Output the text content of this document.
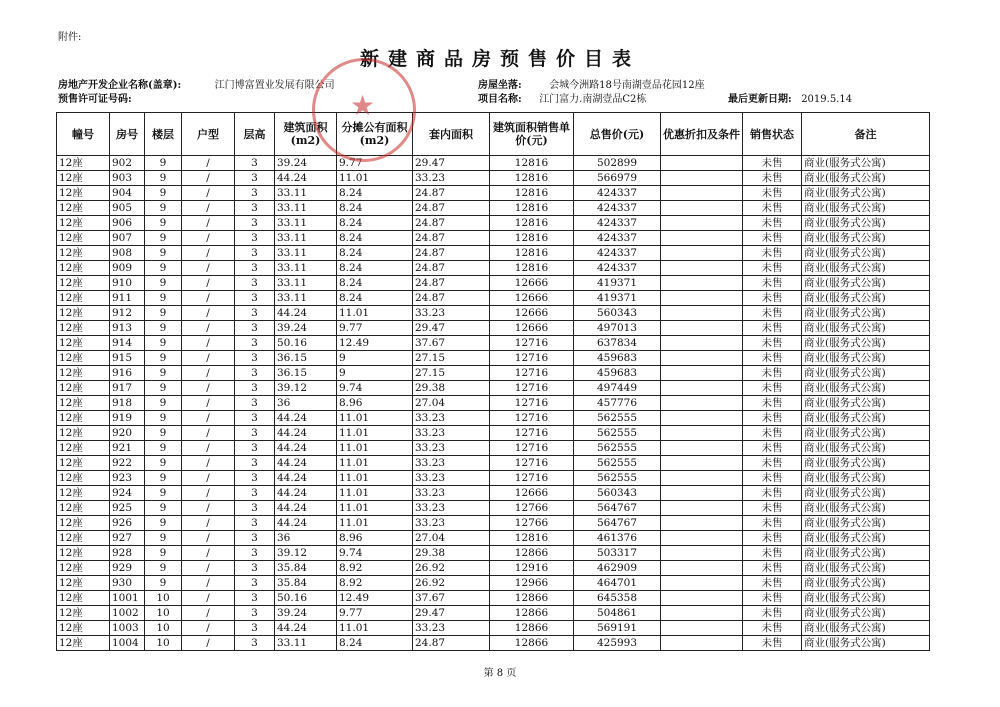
附件:
新建商品房预售价目表
房地产开发企业名称(盖章):	江门博富置业发展有限公司
预售许可证号码:
房屋坐落:	会城今洲路18号南湖壹品花园12座
项目名称: 江门富力.南湖壹品C2栋	最后更新日期: 2019.5.14
幢号	房号	楼层	户型	层高	建筑面积(m2)	分摊公有面积(m2)	套内面积	建筑面积销售单价(元)	总售价(元)	优惠折扣及条件	销售状态	备注
12座	902	9	/	3	39.24	9.77	29.47	12816	502899		未售	商业(服务式公寓)
12座	903	9	/	3	44.24	11.01	33.23	12816	566979		未售	商业(服务式公寓)
12座	904	9	/	3	33.11	8.24	24.87	12816	424337		未售	商业(服务式公寓)
12座	905	9	/	3	33.11	8.24	24.87	12816	424337		未售	商业(服务式公寓)
12座	906	9	/	3	33.11	8.24	24.87	12816	424337		未售	商业(服务式公寓)
12座	907	9	/	3	33.11	8.24	24.87	12816	424337		未售	商业(服务式公寓)
12座	908	9	/	3	33.11	8.24	24.87	12816	424337		未售	商业(服务式公寓)
12座	909	9	/	3	33.11	8.24	24.87	12816	424337		未售	商业(服务式公寓)
12座	910	9	/	3	33.11	8.24	24.87	12666	419371		未售	商业(服务式公寓)
12座	911	9	/	3	33.11	8.24	24.87	12666	419371		未售	商业(服务式公寓)
12座	912	9	/	3	44.24	11.01	33.23	12666	560343		未售	商业(服务式公寓)
12座	913	9	/	3	39.24	9.77	29.47	12666	497013		未售	商业(服务式公寓)
12座	914	9	/	3	50.16	12.49	37.67	12716	637834		未售	商业(服务式公寓)
12座	915	9	/	3	36.15	9	27.15	12716	459683		未售	商业(服务式公寓)
12座	916	9	/	3	36.15	9	27.15	12716	459683		未售	商业(服务式公寓)
12座	917	9	/	3	39.12	9.74	29.38	12716	497449		未售	商业(服务式公寓)
12座	918	9	/	3	36	8.96	27.04	12716	457776		未售	商业(服务式公寓)
12座	919	9	/	3	44.24	11.01	33.23	12716	562555		未售	商业(服务式公寓)
12座	920	9	/	3	44.24	11.01	33.23	12716	562555		未售	商业(服务式公寓)
12座	921	9	/	3	44.24	11.01	33.23	12716	562555		未售	商业(服务式公寓)
12座	922	9	/	3	44.24	11.01	33.23	12716	562555		未售	商业(服务式公寓)
12座	923	9	/	3	44.24	11.01	33.23	12716	562555		未售	商业(服务式公寓)
12座	924	9	/	3	44.24	11.01	33.23	12666	560343		未售	商业(服务式公寓)
12座	925	9	/	3	44.24	11.01	33.23	12766	564767		未售	商业(服务式公寓)
12座	926	9	/	3	44.24	11.01	33.23	12766	564767		未售	商业(服务式公寓)
12座	927	9	/	3	36	8.96	27.04	12816	461376		未售	商业(服务式公寓)
12座	928	9	/	3	39.12	9.74	29.38	12866	503317		未售	商业(服务式公寓)
12座	929	9	/	3	35.84	8.92	26.92	12916	462909		未售	商业(服务式公寓)
12座	930	9	/	3	35.84	8.92	26.92	12966	464701		未售	商业(服务式公寓)
12座	1001	10	/	3	50.16	12.49	37.67	12866	645358		未售	商业(服务式公寓)
12座	1002	10	/	3	39.24	9.77	29.47	12866	504861		未售	商业(服务式公寓)
12座	1003	10	/	3	44.24	11.01	33.23	12866	569191		未售	商业(服务式公寓)
12座	1004	10	/	3	33.11	8.24	24.87	12866	425993		未售	商业(服务式公寓)
★
第 8 页
